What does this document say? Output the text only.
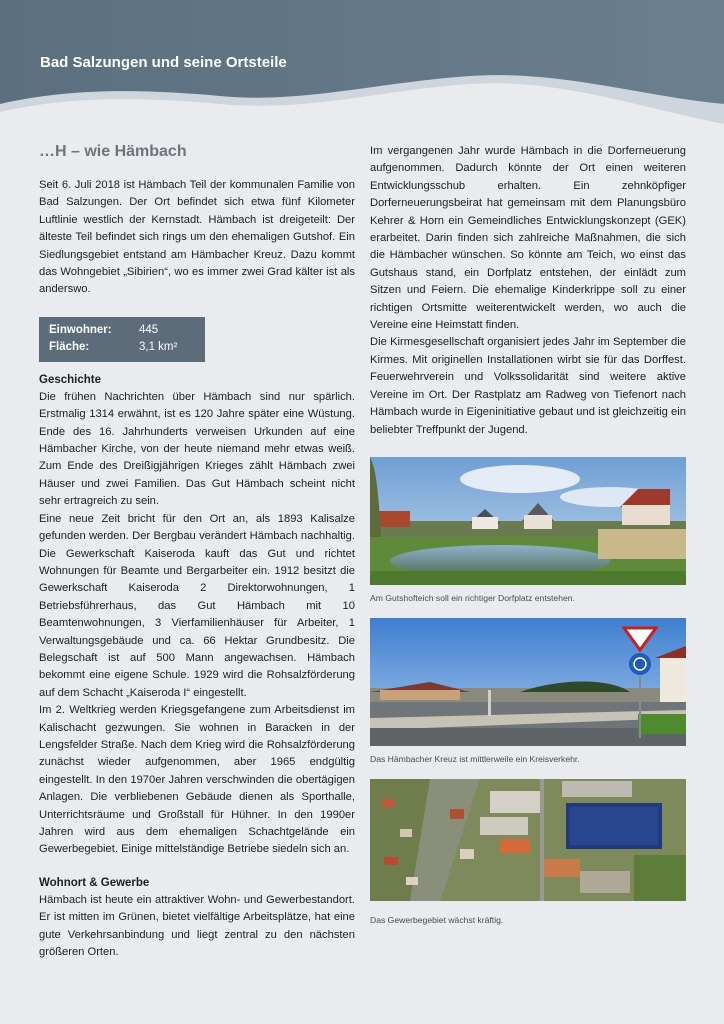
Bad Salzungen und seine Ortsteile
…H – wie Hämbach

Seit 6. Juli 2018 ist Hämbach Teil der kommunalen Familie von Bad Salzungen. Der Ort befindet sich etwa fünf Kilometer Luftlinie westlich der Kernstadt. Hämbach ist dreigeteilt: Der älteste Teil befindet sich rings um den ehemaligen Gutshof. Ein Siedlungsgebiet entstand am Hämbacher Kreuz. Dazu kommt das Wohngebiet „Sibirien“, wo es immer zwei Grad kälter ist als anderswo.

Einwohner:	445
Fläche:	3,1 km²
Geschichte

Die frühen Nachrichten über Hämbach sind nur spärlich. Erstmalig 1314 erwähnt, ist es 120 Jahre später eine Wüstung. Ende des 16. Jahrhunderts verweisen Urkunden auf eine Hämbacher Kirche, von der heute niemand mehr etwas weiß. Zum Ende des Dreißigjährigen Krieges zählt Hämbach zwei Häuser und zwei Familien. Das Gut Hämbach scheint nicht sehr ertragreich zu sein.

Eine neue Zeit bricht für den Ort an, als 1893 Kalisalze gefunden werden. Der Bergbau verändert Hämbach nachhaltig. Die Gewerkschaft Kaiseroda kauft das Gut und richtet Wohnungen für Beamte und Bergarbeiter ein. 1912 besitzt die Gewerkschaft Kaiseroda 2 Direktorwohnungen, 1 Betriebsführerhaus, das Gut Hämbach mit 10 Beamtenwohnungen, 3 Vierfamilienhäuser für Arbeiter, 1 Verwaltungsgebäude und ca. 66 Hektar Grundbesitz. Die Belegschaft ist auf 500 Mann angewachsen. Hämbach bekommt eine eigene Schule. 1929 wird die Rohsalzförderung auf dem Schacht „Kaiseroda I“ eingestellt.

Im 2. Weltkrieg werden Kriegsgefangene zum Arbeitsdienst im Kalischacht gezwungen. Sie wohnen in Baracken in der Lengsfelder Straße. Nach dem Krieg wird die Rohsalzförderung zunächst wieder aufgenommen, aber 1965 endgültig eingestellt. In den 1970er Jahren verschwinden die obertägigen Anlagen. Die verbliebenen Gebäude dienen als Sporthalle, Unterrichtsräume und Großstall für Hühner. In den 1990er Jahren wird aus dem ehemaligen Schachtgelände ein Gewerbegebiet. Einige mittelständige Betriebe siedeln sich an.

Wohnort & Gewerbe

Hämbach ist heute ein attraktiver Wohn- und Gewerbestandort. Er ist mitten im Grünen, bietet vielfältige Arbeitsplätze, hat eine gute Verkehrsanbindung und liegt zentral zu den nächsten größeren Orten.

Im vergangenen Jahr wurde Hämbach in die Dorferneuerung aufgenommen. Dadurch könnte der Ort einen weiteren Entwicklungsschub erhalten. Ein zehnköpfiger Dorferneuerungsbeirat hat gemeinsam mit dem Planungsbüro Kehrer & Horn ein Gemeindliches Entwicklungskonzept (GEK) erarbeitet. Darin finden sich zahlreiche Maßnahmen, die sich die Hämbacher wünschen. So könnte am Teich, wo einst das Gutshaus stand, ein Dorfplatz entstehen, der einlädt zum Sitzen und Feiern. Die ehemalige Kinderkrippe soll zu einer richtigen Ortsmitte weiterentwickelt werden, wo auch die Vereine eine Heimstatt finden.

Die Kirmesgesellschaft organisiert jedes Jahr im September die Kirmes. Mit originellen Installationen wirbt sie für das Dorffest. Feuerwehrverein und Volkssolidarität sind weitere aktive Vereine im Ort. Der Rastplatz am Radweg von Tiefenort nach Hämbach wurde in Eigeninitiative gebaut und ist gleichzeitig ein beliebter Treffpunkt der Jugend.

Am Gutshofteich soll ein richtiger Dorfplatz entstehen.
Das Hämbacher Kreuz ist mittlerweile ein Kreisverkehr.
Das Gewerbegebiet wächst kräftig.
